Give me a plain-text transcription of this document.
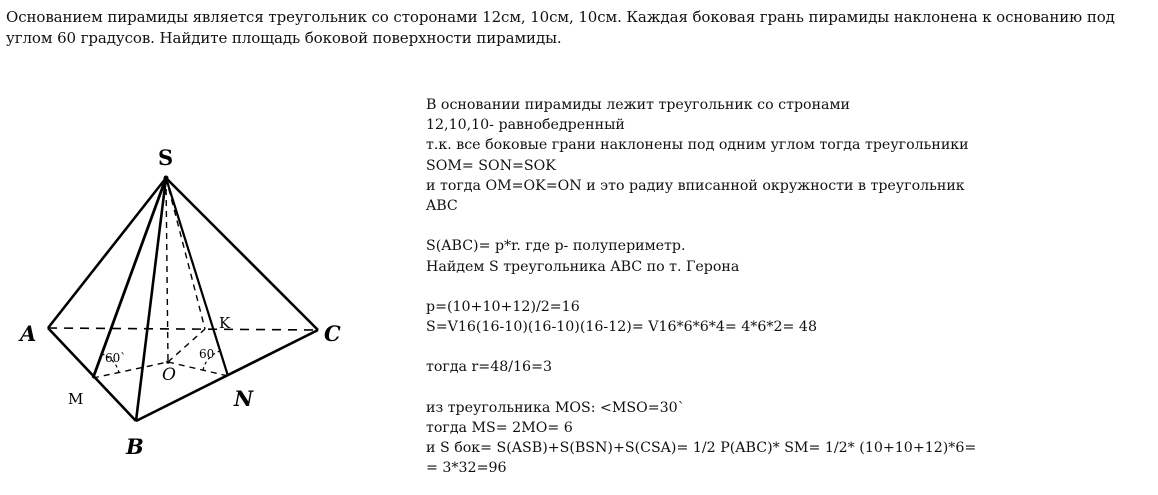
Основанием пирамиды является треугольник со сторонами 12см, 10см, 10см. Каждая боковая грань пирамиды наклонена к основанию под углом 60 градусов. Найдите площадь боковой поверхности пирамиды.

S
A
B
C
M	N
K
O
60`	60
В основании пирамиды лежит треугольник со стронами
12,10,10- равнобедренный
т.к. все боковые грани наклонены под одним углом тогда треугольники
SOM= SON=SOK
и тогда OM=OK=ON и это радиу вписанной окружности в треугольник
ABC
S(ABC)= p*r. где p- полупериметр.
Найдем S треугольника ABC по т. Герона
p=(10+10+12)/2=16
S=V16(16-10)(16-10)(16-12)= V16*6*6*4= 4*6*2= 48
тогда r=48/16=3
из треугольника MOS: <MSO=30`
тогда MS= 2MO= 6
и S бок= S(ASB)+S(BSN)+S(CSA)= 1/2 P(ABC)* SM= 1/2* (10+10+12)*6=
= 3*32=96
